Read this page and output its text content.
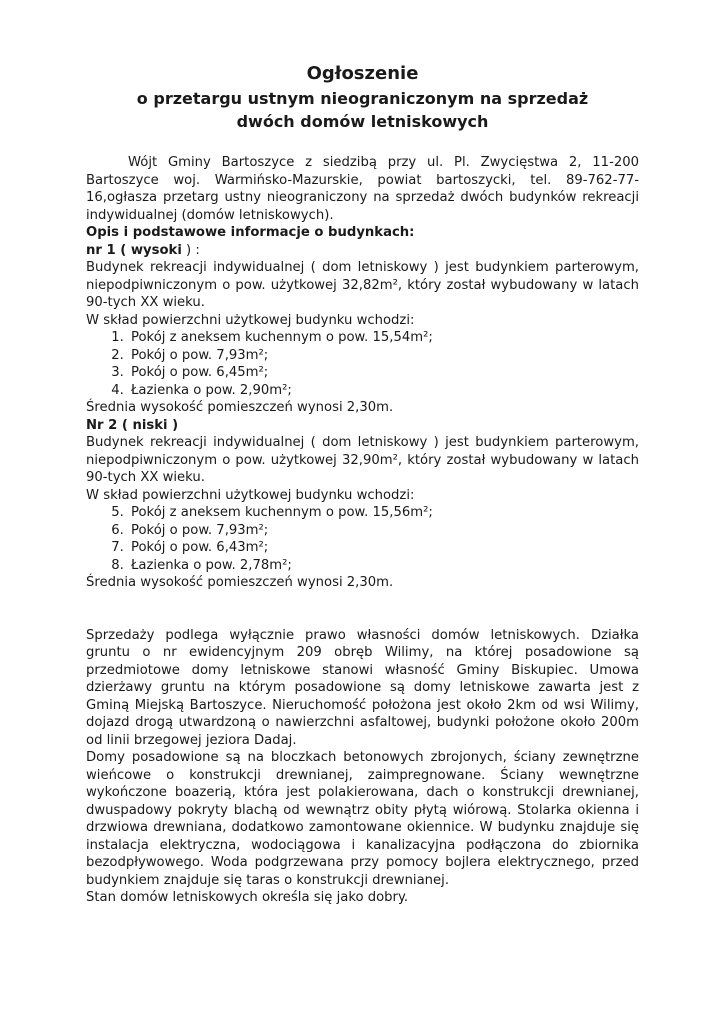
Ogłoszenie
o przetargu ustnym nieograniczonym na sprzedaż
dwóch domów letniskowych

Wójt Gminy Bartoszyce z siedzibą przy ul. Pl. Zwycięstwa 2, 11-200 Bartoszyce woj. Warmińsko-Mazurskie, powiat bartoszycki, tel. 89-762-77-16,ogłasza przetarg ustny nieograniczony na sprzedaż dwóch budynków rekreacji indywidualnej (domów letniskowych).

Opis i podstawowe informacje o budynkach:
nr 1 ( wysoki ) :

Budynek rekreacji indywidualnej ( dom letniskowy ) jest budynkiem parterowym, niepodpiwniczonym o pow. użytkowej 32,82m², który został wybudowany w latach 90-tych XX wieku.

W skład powierzchni użytkowej budynku wchodzi:
1. Pokój z aneksem kuchennym o pow. 15,54m²;
2. Pokój o pow. 7,93m²;
3. Pokój o pow. 6,45m²;
4. Łazienka o pow. 2,90m²;
Średnia wysokość pomieszczeń wynosi 2,30m.
Nr 2 ( niski )

Budynek rekreacji indywidualnej ( dom letniskowy ) jest budynkiem parterowym, niepodpiwniczonym o pow. użytkowej 32,90m², który został wybudowany w latach 90-tych XX wieku.

W skład powierzchni użytkowej budynku wchodzi:
5. Pokój z aneksem kuchennym o pow. 15,56m²;
6. Pokój o pow. 7,93m²;
7. Pokój o pow. 6,43m²;
8. Łazienka o pow. 2,78m²;
Średnia wysokość pomieszczeń wynosi 2,30m.

Sprzedaży podlega wyłącznie prawo własności domów letniskowych. Działka gruntu o nr ewidencyjnym 209 obręb Wilimy, na której posadowione są przedmiotowe domy letniskowe stanowi własność Gminy Biskupiec. Umowa dzierżawy gruntu na którym posadowione są domy letniskowe zawarta jest z Gminą Miejską Bartoszyce. Nieruchomość położona jest około 2km od wsi Wilimy, dojazd drogą utwardzoną o nawierzchni asfaltowej, budynki położone około 200m od linii brzegowej jeziora Dadaj.

Domy posadowione są na bloczkach betonowych zbrojonych, ściany zewnętrzne wieńcowe o konstrukcji drewnianej, zaimpregnowane. Ściany wewnętrzne wykończone boazerią, która jest polakierowana, dach o konstrukcji drewnianej, dwuspadowy pokryty blachą od wewnątrz obity płytą wiórową. Stolarka okienna i drzwiowa drewniana, dodatkowo zamontowane okiennice. W budynku znajduje się instalacja elektryczna, wodociągowa i kanalizacyjna podłączona do zbiornika bezodpływowego. Woda podgrzewana przy pomocy bojlera elektrycznego, przed budynkiem znajduje się taras o konstrukcji drewnianej.

Stan domów letniskowych określa się jako dobry.
